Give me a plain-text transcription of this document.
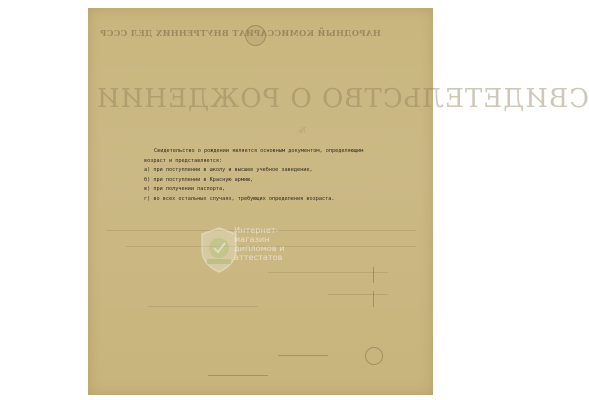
НАРОДНЫЙ КОМИССАРИАТ ВНУТРЕННИХ ДЕЛ СССР
СВИДЕТЕЛЬСТВО О РОЖДЕНИИ
№

Свидетельство о рождении является основным документом, определяющим

возраст и представляется:

а) при поступлении в школу и высшее учебное заведение,

б) при поступлении в Красную армию,

в) при получении паспорта,

г) во всех остальных случаях, требующих определения возраста.

Интернет-
магазин
дипломов и
аттестатов
